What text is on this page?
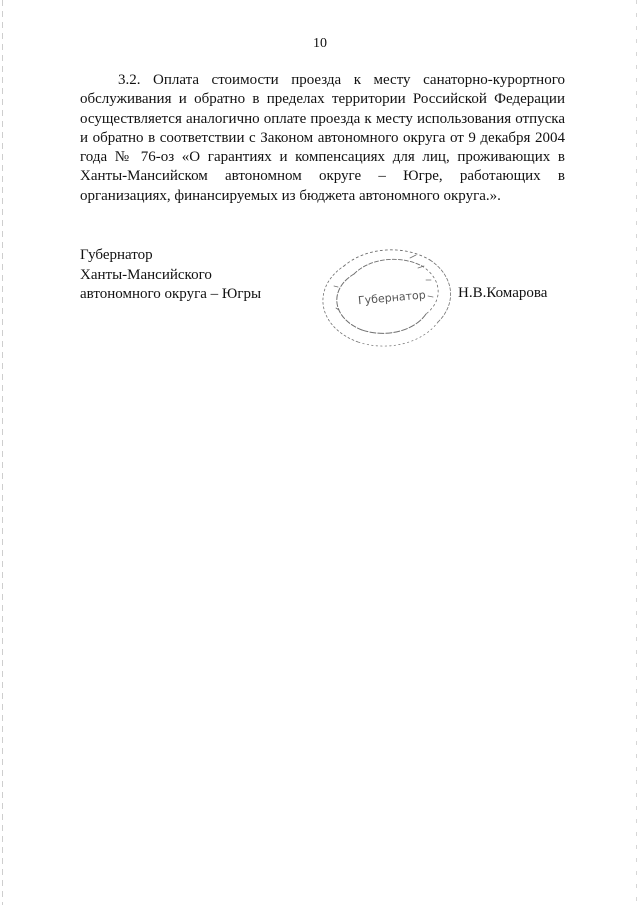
10

3.2. Оплата стоимости проезда к месту санаторно-курортного обслуживания и обратно в пределах территории Российской Федерации осуществляется аналогично оплате проезда к месту использования отпуска и обратно в соответствии с Законом автономного округа от 9 декабря 2004 года № 76-оз «О гарантиях и компенсациях для лиц, проживающих в Ханты-Мансийском автономном округе – Югре, работающих в организациях, финансируемых из бюджета автономного округа.».

Губернатор
Ханты-Мансийского
автономного округа – Югры	Губернатор Н.В.Комарова
